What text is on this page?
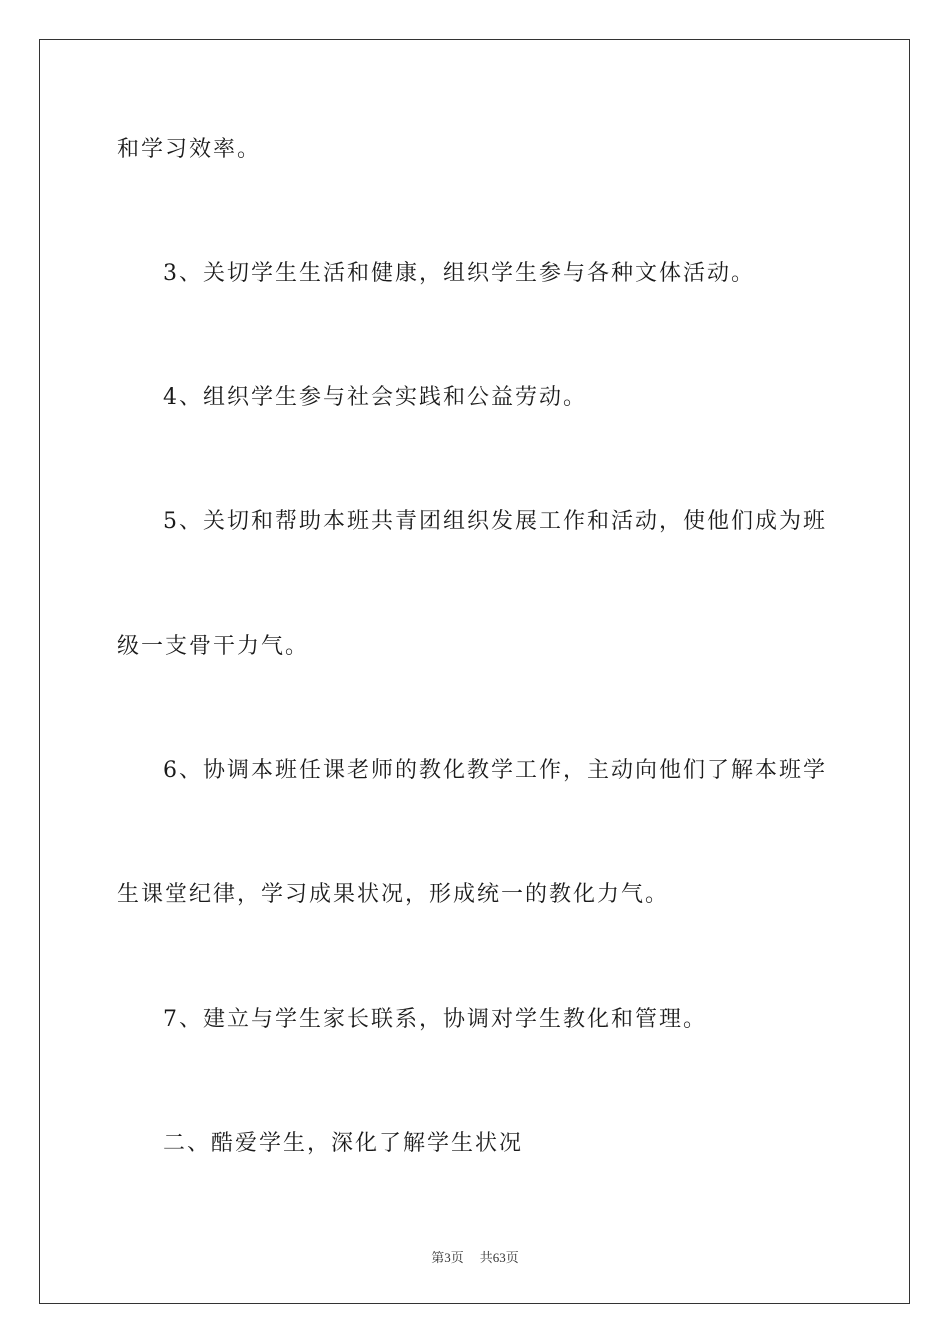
和学习效率。

3、关切学生生活和健康，组织学生参与各种文体活动。

4、组织学生参与社会实践和公益劳动。

5、关切和帮助本班共青团组织发展工作和活动，使他们成为班

级一支骨干力气。

6、协调本班任课老师的教化教学工作，主动向他们了解本班学

生课堂纪律，学习成果状况，形成统一的教化力气。

7、建立与学生家长联系，协调对学生教化和管理。

二、酷爱学生，深化了解学生状况

第3页 共63页
